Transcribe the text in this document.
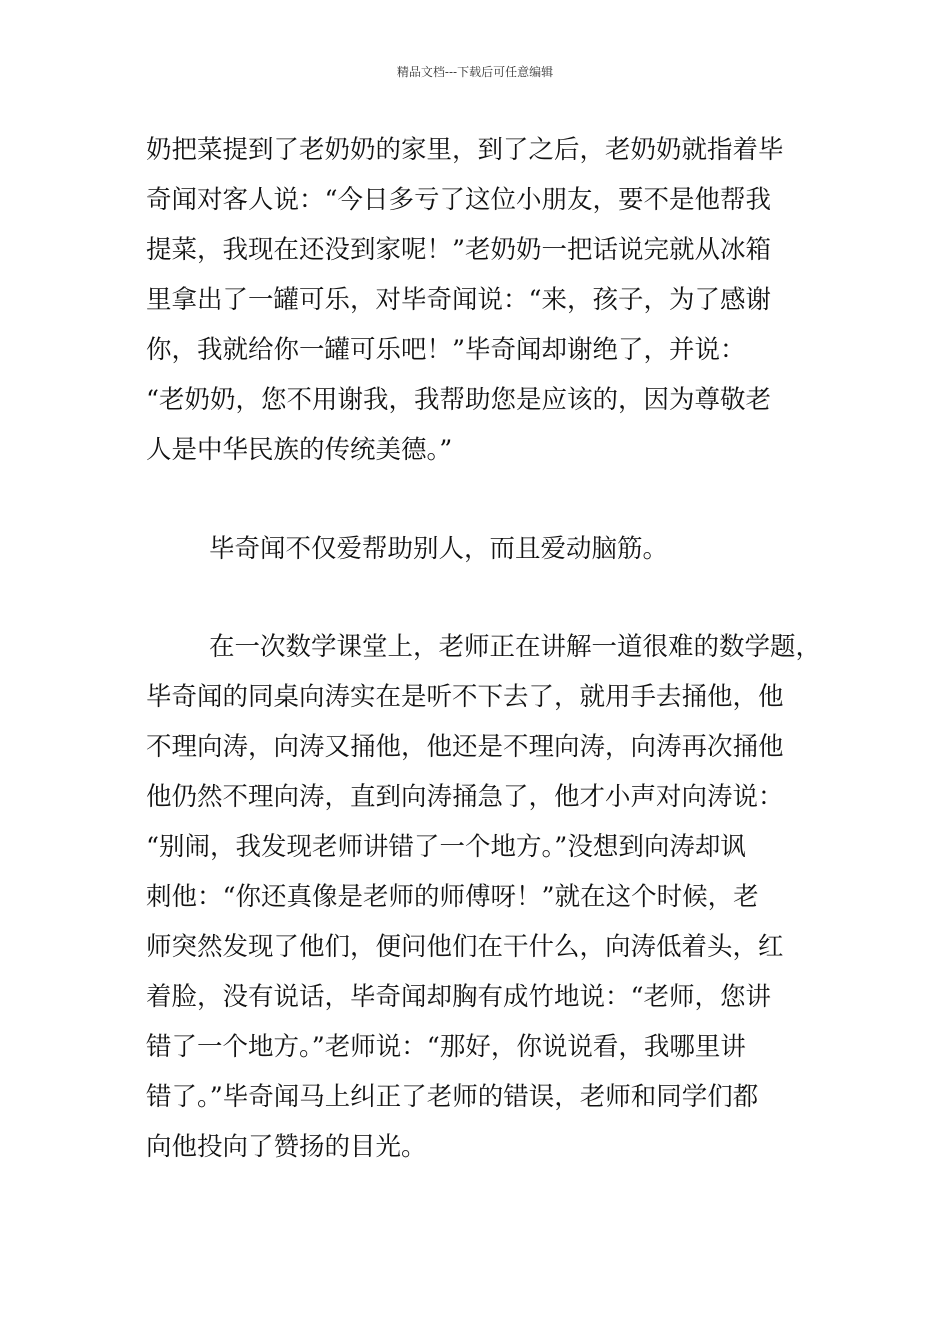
精品文档---下载后可任意编辑
奶把菜提到了老奶奶的家里，到了之后，老奶奶就指着毕
奇闻对客人说：“今日多亏了这位小朋友，要不是他帮我
提菜，我现在还没到家呢！”老奶奶一把话说完就从冰箱
里拿出了一罐可乐，对毕奇闻说：“来，孩子，为了感谢
你，我就给你一罐可乐吧！”毕奇闻却谢绝了，并说：
“老奶奶，您不用谢我，我帮助您是应该的，因为尊敬老
人是中华民族的传统美德。”
毕奇闻不仅爱帮助别人，而且爱动脑筋。
在一次数学课堂上，老师正在讲解一道很难的数学题，
毕奇闻的同桌向涛实在是听不下去了，就用手去捅他，他
不理向涛，向涛又捅他，他还是不理向涛，向涛再次捅他
他仍然不理向涛，直到向涛捅急了，他才小声对向涛说：
“别闹，我发现老师讲错了一个地方。”没想到向涛却讽
刺他：“你还真像是老师的师傅呀！”就在这个时候，老
师突然发现了他们，便问他们在干什么，向涛低着头，红
着脸，没有说话，毕奇闻却胸有成竹地说：“老师，您讲
错了一个地方。”老师说：“那好，你说说看，我哪里讲
错了。”毕奇闻马上纠正了老师的错误，老师和同学们都
向他投向了赞扬的目光。
